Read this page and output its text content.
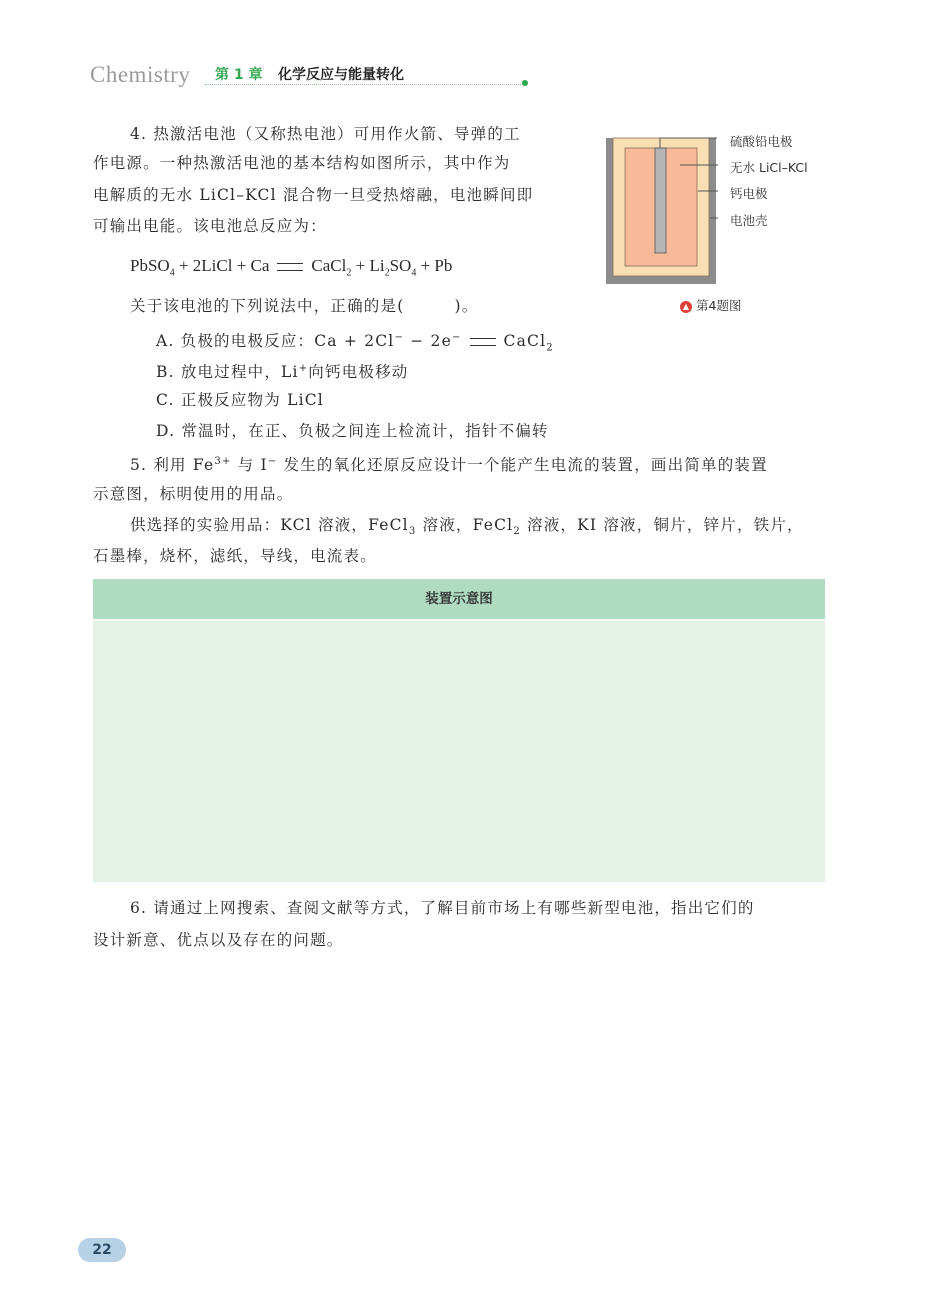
Chemistry 第 1 章 化学反应与能量转化
4. 热激活电池（又称热电池）可用作火箭、导弹的工
作电源。一种热激活电池的基本结构如图所示，其中作为
电解质的无水 LiCl–KCl 混合物一旦受热熔融，电池瞬间即
可输出电能。该电池总反应为：
PbSO$_4$ + 2LiCl + Ca CaCl$_2$ + $Li_2SO_4 + Pb$
关于该电池的下列说法中，正确的是(　　　)。
A. 负极的电极反应：Ca + 2Cl− − 2e−	CaCl$_2$
B. 放电过程中，Li+向钙电极移动
C. 正极反应物为 LiCl
D. 常温时，在正、负极之间连上检流计，指针不偏转
硫酸铅电极
无水 LiCl–KCl
钙电极
电池壳
▲ 第4题图
5. 利用 $Fe^{3+}$ 与 I− 发生的氧化还原反应设计一个能产生电流的装置，画出简单的装置
示意图，标明使用的用品。
供选择的实验用品：KCl 溶液，FeCl$_3$ 溶液，FeCl$_2$ 溶液，KI 溶液，铜片，锌片，铁片，
石墨棒，烧杯，滤纸，导线，电流表。
装置示意图
6. 请通过上网搜索、查阅文献等方式，了解目前市场上有哪些新型电池，指出它们的
设计新意、优点以及存在的问题。
22
